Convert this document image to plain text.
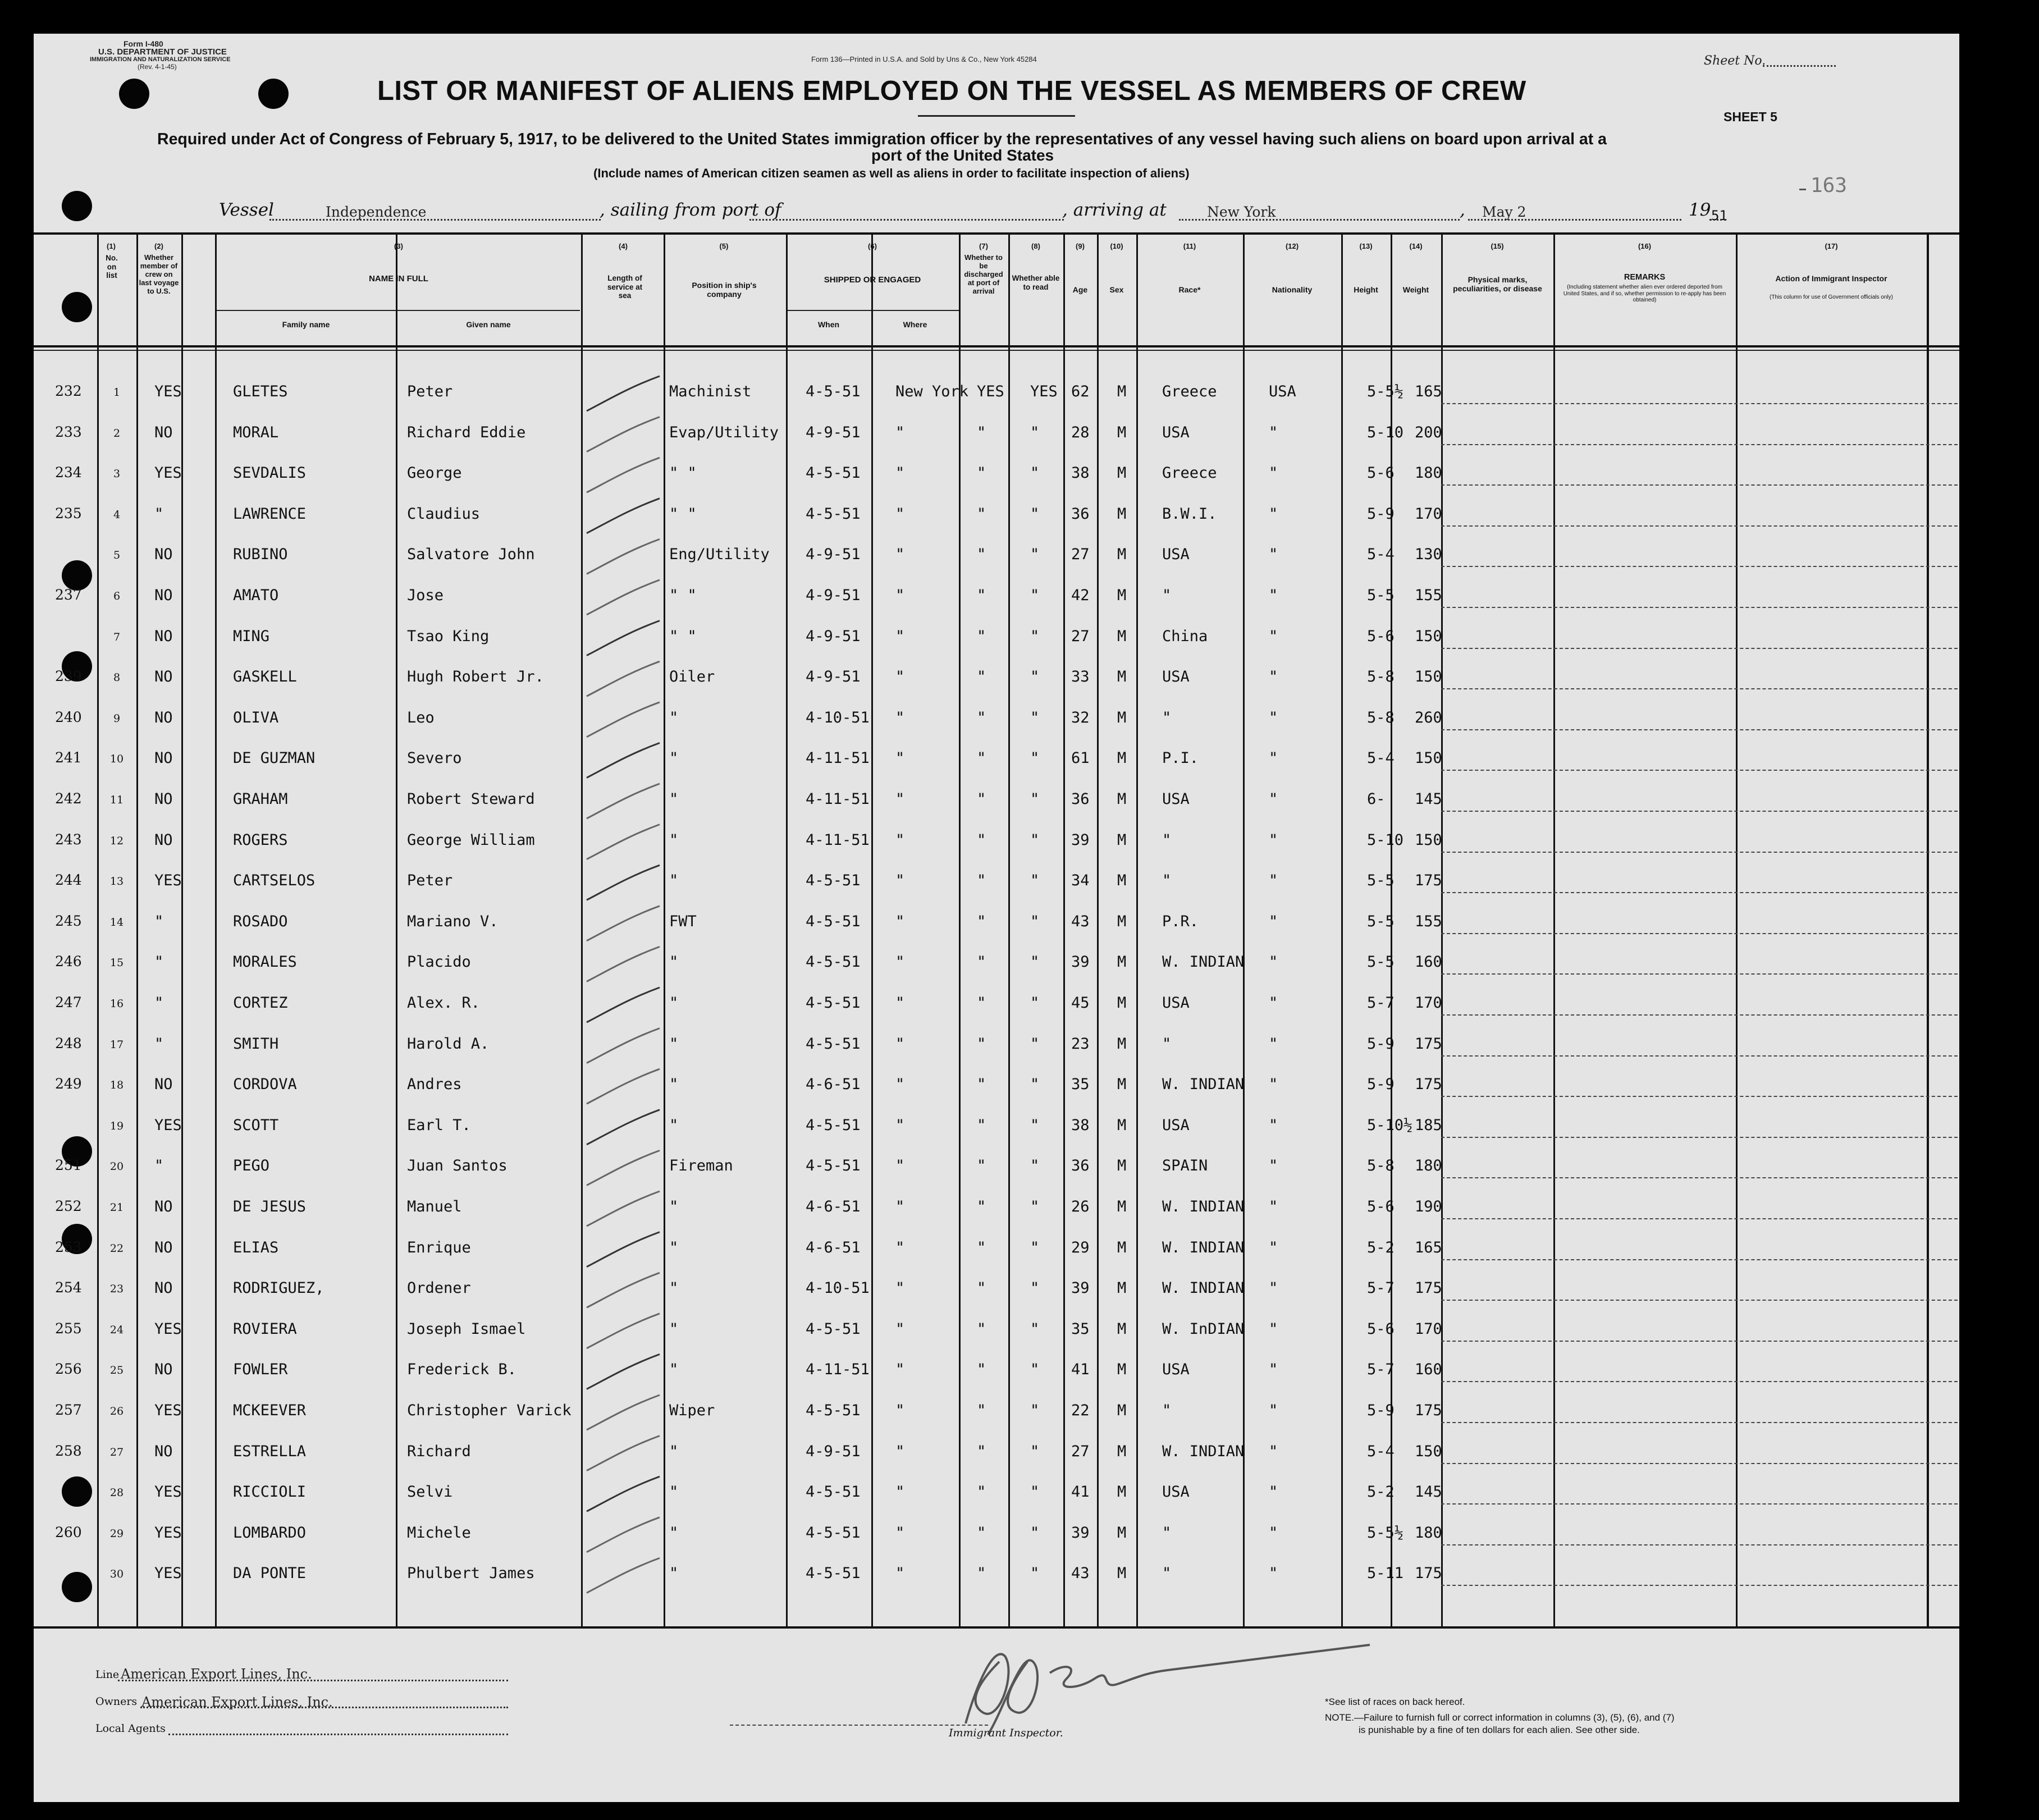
Form I-480
U.S. DEPARTMENT OF JUSTICE
IMMIGRATION AND NATURALIZATION SERVICE
(Rev. 4-1-45)
Form 136—Printed in U.S.A. and Sold by Uns & Co., New York 45284	Sheet No.
LIST OR MANIFEST OF ALIENS EMPLOYED ON THE VESSEL AS MEMBERS OF CREW
SHEET 5
Required under Act of Congress of February 5, 1917, to be delivered to the United States immigration officer by the representatives of any vessel having such aliens on board upon arrival at a
port of the United States
(Include names of American citizen seamen as well as aliens in order to facilitate inspection of aliens)
163
Vessel	Independence	, sailing from port of	, arriving at	New York	, May 2	19 51
(1)
No. on list
(2)
Whether member of crew on last voyage to U.S.
(3)
NAME IN FULL
Family name	Given name
(4)
Length of service at sea
(5)
Position in ship's company
(6)
SHIPPED OR ENGAGED
When	Where
(7)
Whether to be discharged at port of arrival
(8)
Whether able to read
(9)
Age
(10)
Sex
(11)
Race*
(12)
Nationality
(13)
Height
(14)
Weight
(15)
Physical marks, peculiarities, or disease
(16)
REMARKS
(Including statement whether alien ever ordered deported from United States, and if so, whether permission to re-apply has been obtained)
(17)
Action of Immigrant Inspector
(This column for use of Government officials only)
232	1	YES	GLETES	Peter	Machinist	4-5-51 New York YES YES 62 M Greece	USA	5-5½ 165
233	2	NO	MORAL	Richard Eddie	Evap/Utility 4-9-51 "	"	" 28 M USA	"	5-10 200
234	3	YES	SEVDALIS	George	" "	4-5-51 "	"	" 38 M Greece	"	5-6 180
235	4	"	LAWRENCE	Claudius	" "	4-5-51 "	"	" 36 M B.W.I.	"	5-9 170
5	NO	RUBINO	Salvatore John	Eng/Utility 4-9-51 "	"	" 27 M USA	"	5-4 130
237	6	NO	AMATO	Jose	" "	4-9-51 "	"	" 42 M "	"	5-5 155
7	NO	MING	Tsao King	" "	4-9-51 "	"	" 27 M China	"	5-6 150
239	8	NO	GASKELL	Hugh Robert Jr.	Oiler	4-9-51 "	"	" 33 M USA	"	5-8 150
240	9	NO	OLIVA	Leo	"	4-10-51 "	"	" 32 M "	"	5-8 260
241	10	NO	DE GUZMAN	Severo	"	4-11-51 "	"	" 61 M P.I.	"	5-4 150
242	11	NO	GRAHAM	Robert Steward	"	4-11-51 "	"	" 36 M USA	"	6- 145
243	12	NO	ROGERS	George William	"	4-11-51 "	"	" 39 M "	"	5-10 150
244	13	YES	CARTSELOS	Peter	"	4-5-51 "	"	" 34 M "	"	5-5 175
245	14	"	ROSADO	Mariano V.	FWT	4-5-51 "	"	" 43 M P.R.	"	5-5 155
246	15	"	MORALES	Placido	"	4-5-51 "	"	" 39 M W. INDIAN "	5-5 160
247	16	"	CORTEZ	Alex. R.	"	4-5-51 "	"	" 45 M USA	"	5-7 170
248	17	"	SMITH	Harold A.	"	4-5-51 "	"	" 23 M "	"	5-9 175
249	18	NO	CORDOVA	Andres	"	4-6-51 "	"	" 35 M W. INDIAN "	5-9 175
19	YES	SCOTT	Earl T.	"	4-5-51 "	"	" 38 M USA	"	5-10½ 185
251	20	"	PEGO	Juan Santos	Fireman	4-5-51 "	"	" 36 M SPAIN	"	5-8 180
252	21	NO	DE JESUS	Manuel	"	4-6-51 "	"	" 26 M W. INDIAN "	5-6 190
253	22	NO	ELIAS	Enrique	"	4-6-51 "	"	" 29 M W. INDIAN "	5-2 165
254	23	NO	RODRIGUEZ,	Ordener	"	4-10-51 "	"	" 39 M W. INDIAN "	5-7 175
255	24	YES	ROVIERA	Joseph Ismael	"	4-5-51 "	"	" 35 M W. InDIAN "	5-6 170
256	25	NO	FOWLER	Frederick B.	"	4-11-51 "	"	" 41 M USA	"	5-7 160
257	26	YES	MCKEEVER	Christopher Varick	Wiper	4-5-51 "	"	" 22 M "	"	5-9 175
258	27	NO	ESTRELLA	Richard	"	4-9-51 "	"	" 27 M W. INDIAN "	5-4 150
28	YES	RICCIOLI	Selvi	"	4-5-51 "	"	" 41 M USA	"	5-2 145
260	29	YES	LOMBARDO	Michele	"	4-5-51 "	"	" 39 M "	"	5-5½ 180
30	YES	DA PONTE	Phulbert James	"	4-5-51 "	"	" 43 M "	"	5-11 175
Line American Export Lines, Inc.
Owners American Export Lines, Inc.
Local Agents	Immigrant Inspector.
*See list of races on back hereof.
NOTE.—Failure to furnish full or correct information in columns (3), (5), (6), and (7)
is punishable by a fine of ten dollars for each alien. See other side.
